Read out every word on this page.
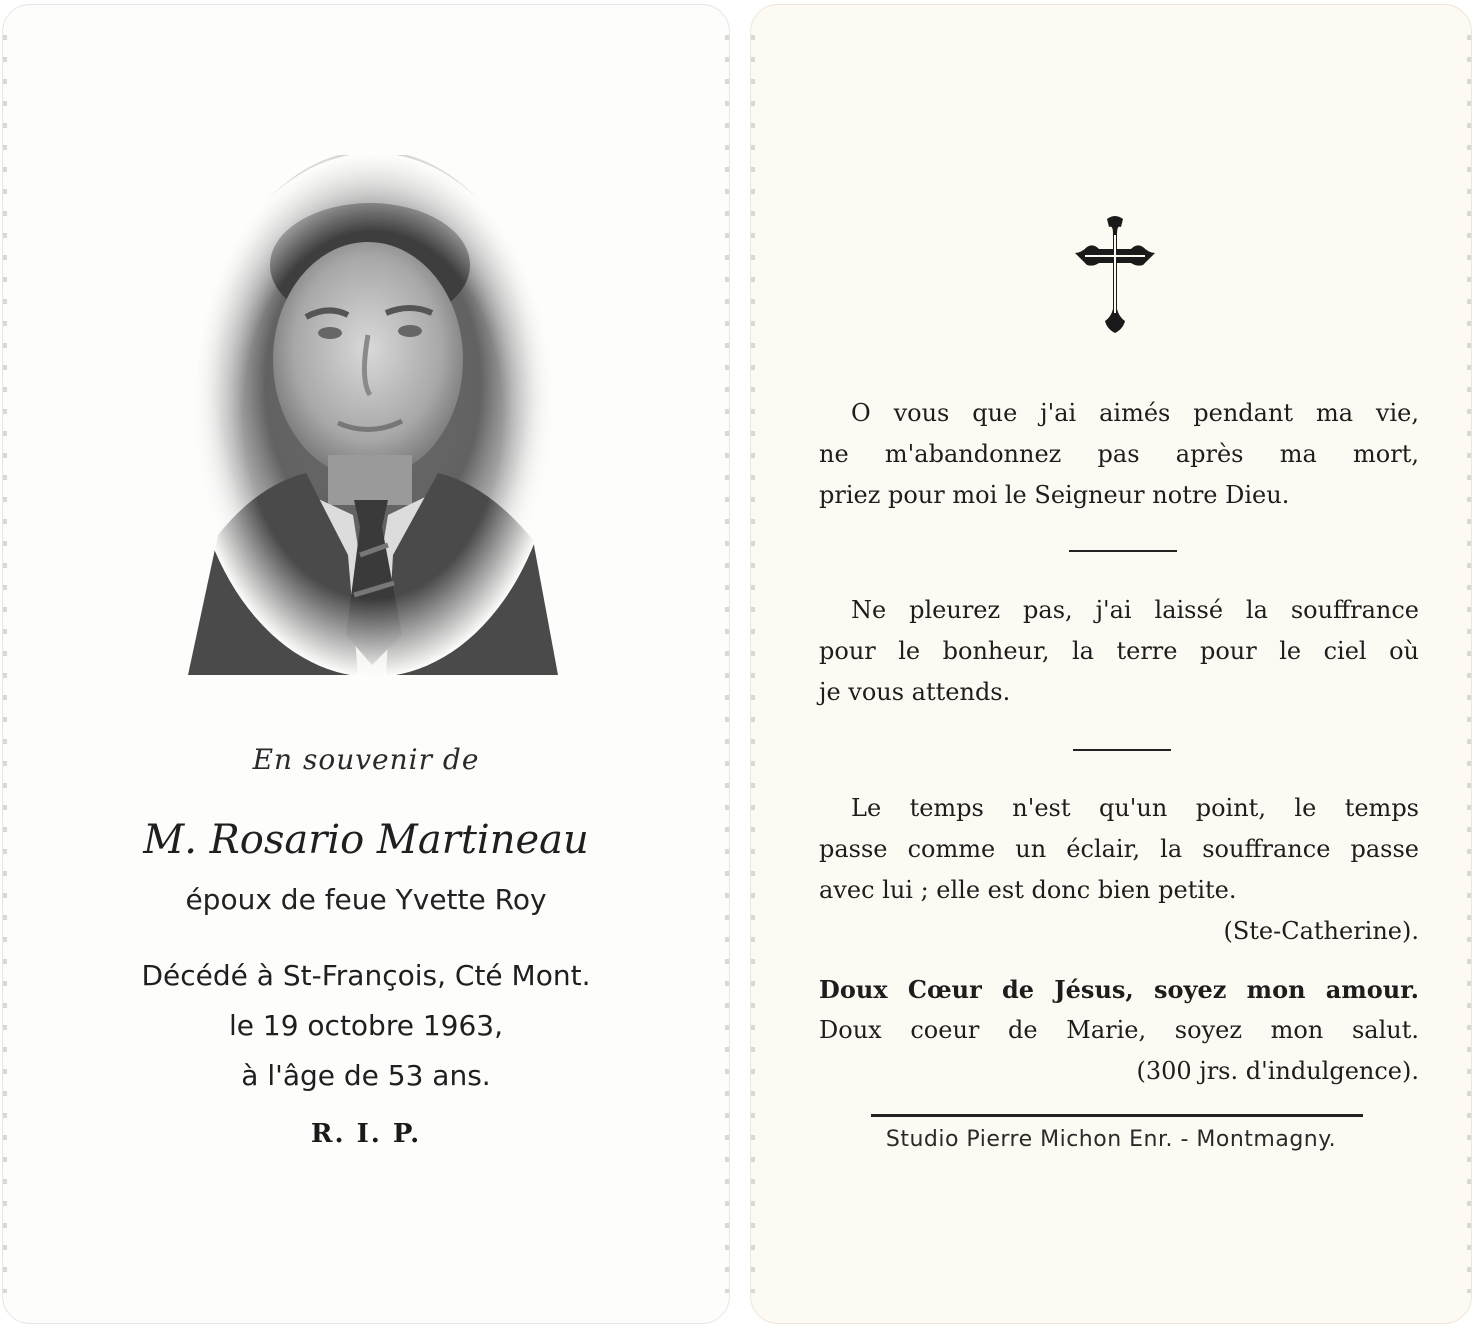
En souvenir de
M. Rosario Martineau
époux de feue Yvette Roy
Décédé à St-François, Cté Mont.
le 19 octobre 1963,
à l'âge de 53 ans.
R. I. P.
O vous que j'ai aimés pendant ma vie,
ne m'abandonnez pas après ma mort,
priez pour moi le Seigneur notre Dieu.
Ne pleurez pas, j'ai laissé la souffrance
pour le bonheur, la terre pour le ciel où
je vous attends.
Le temps n'est qu'un point, le temps
passe comme un éclair, la souffrance passe
avec lui ; elle est donc bien petite.
(Ste-Catherine).
Doux Cœur de Jésus, soyez mon amour.
Doux coeur de Marie, soyez mon salut.
(300 jrs. d'indulgence).
Studio Pierre Michon Enr. - Montmagny.
